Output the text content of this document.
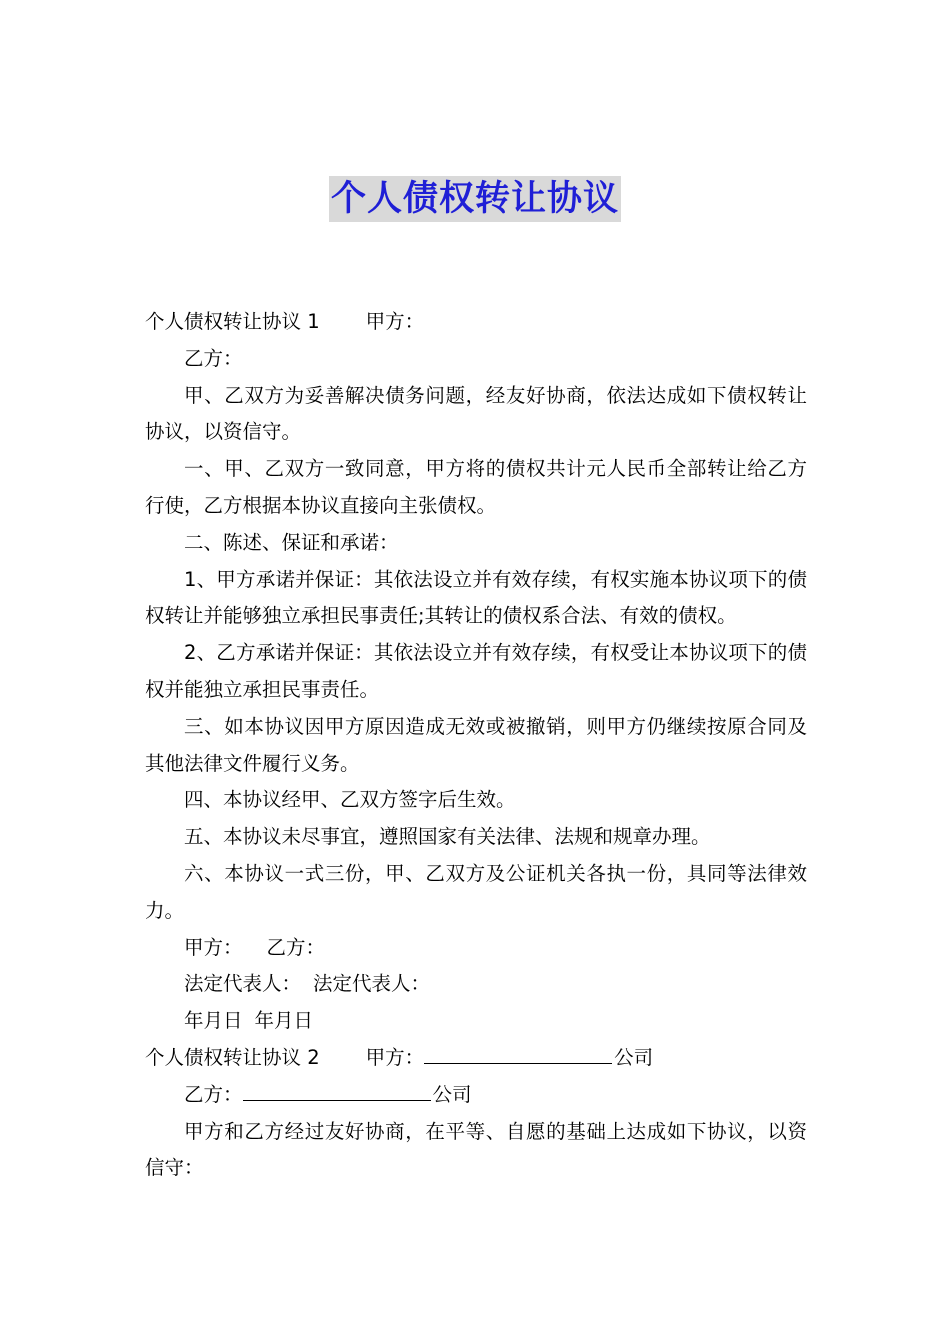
个人债权转让协议

个人债权转让协议 1 甲方：

乙方：

甲、乙双方为妥善解决债务问题，经友好协商，依法达成如下债权转让协议，以资信守。

一、甲、乙双方一致同意，甲方将的债权共计元人民币全部转让给乙方行使，乙方根据本协议直接向主张债权。

二、陈述、保证和承诺：

1、甲方承诺并保证：其依法设立并有效存续，有权实施本协议项下的债权转让并能够独立承担民事责任;其转让的债权系合法、有效的债权。

2、乙方承诺并保证：其依法设立并有效存续，有权受让本协议项下的债权并能独立承担民事责任。

三、如本协议因甲方原因造成无效或被撤销，则甲方仍继续按原合同及其他法律文件履行义务。

四、本协议经甲、乙双方签字后生效。

五、本协议未尽事宜，遵照国家有关法律、法规和规章办理。

六、本协议一式三份，甲、乙双方及公证机关各执一份，具同等法律效力。

甲方： 乙方：

法定代表人： 法定代表人：

年月日 年月日

个人债权转让协议 2 甲方：	公司

乙方：	公司

甲方和乙方经过友好协商，在平等、自愿的基础上达成如下协议，以资信守：
